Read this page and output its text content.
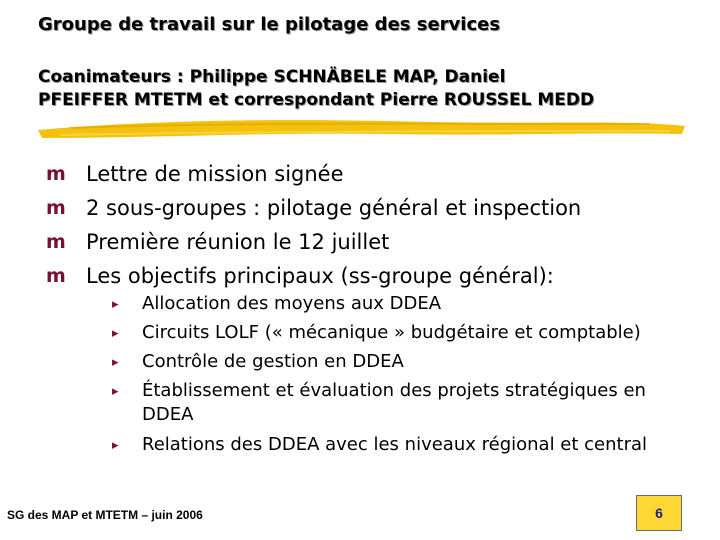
Groupe de travail sur le pilotage des services
Coanimateurs : Philippe SCHNÄBELE MAP, Daniel
PFEIFFER MTETM et correspondant Pierre ROUSSEL MEDD
m Lettre de mission signée
m 2 sous-groupes : pilotage général et inspection
m Première réunion le 12 juillet
m Les objectifs principaux (ss-groupe général):
▸	Allocation des moyens aux DDEA
▸	Circuits LOLF (« mécanique » budgétaire et comptable)
▸	Contrôle de gestion en DDEA
▸	Établissement et évaluation des projets stratégiques en DDEA
▸	Relations des DDEA avec les niveaux régional et central
SG des MAP et MTETM – juin 2006	6
